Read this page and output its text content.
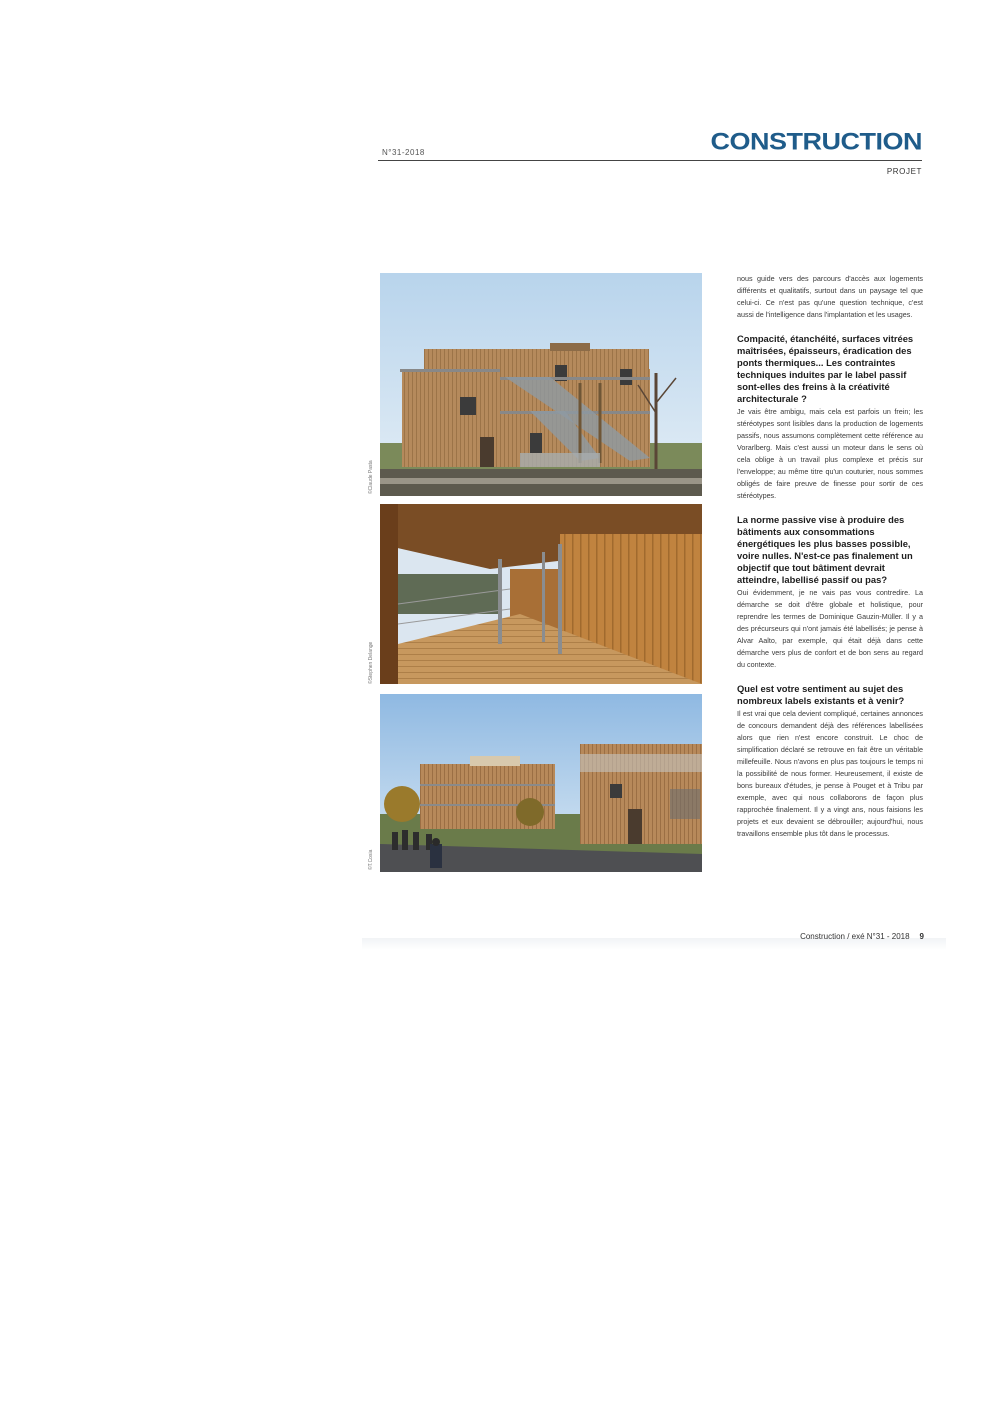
N°31-2018	CONSTRUCTION
PROJET
©Claude Pasta
©Stephen Delange
©T.Cosia

nous guide vers des parcours d'accès aux logements différents et qualitatifs, surtout dans un paysage tel que celui-ci. Ce n'est pas qu'une question technique, c'est aussi de l'intelligence dans l'implantation et les usages.

Compacité, étanchéité, surfaces vitrées maîtrisées, épaisseurs, éradication des ponts thermiques... Les contraintes techniques induites par le label passif sont-elles des freins à la créativité architecturale ?

Je vais être ambigu, mais cela est parfois un frein; les stéréotypes sont lisibles dans la production de logements passifs, nous assumons complètement cette référence au Vorarlberg. Mais c'est aussi un moteur dans le sens où cela oblige à un travail plus complexe et précis sur l'enveloppe; au même titre qu'un couturier, nous sommes obligés de faire preuve de finesse pour sortir de ces stéréotypes.

La norme passive vise à produire des bâtiments aux consommations énergétiques les plus basses possible, voire nulles. N'est-ce pas finalement un objectif que tout bâtiment devrait atteindre, labellisé passif ou pas?

Oui évidemment, je ne vais pas vous contredire. La démarche se doit d'être globale et holistique, pour reprendre les termes de Dominique Gauzin-Müller. Il y a des précurseurs qui n'ont jamais été labellisés; je pense à Alvar Aalto, par exemple, qui était déjà dans cette démarche vers plus de confort et de bon sens au regard du contexte.

Quel est votre sentiment au sujet des nombreux labels existants et à venir?

Il est vrai que cela devient compliqué, certaines annonces de concours demandent déjà des références labellisées alors que rien n'est encore construit. Le choc de simplification déclaré se retrouve en fait être un véritable millefeuille. Nous n'avons en plus pas toujours le temps ni la possibilité de nous former. Heureusement, il existe de bons bureaux d'études, je pense à Pouget et à Tribu par exemple, avec qui nous collaborons de façon plus rapprochée finalement. Il y a vingt ans, nous faisions les projets et eux devaient se débrouiller; aujourd'hui, nous travaillons ensemble plus tôt dans le processus.

Construction / exé N°31 - 2018 9
